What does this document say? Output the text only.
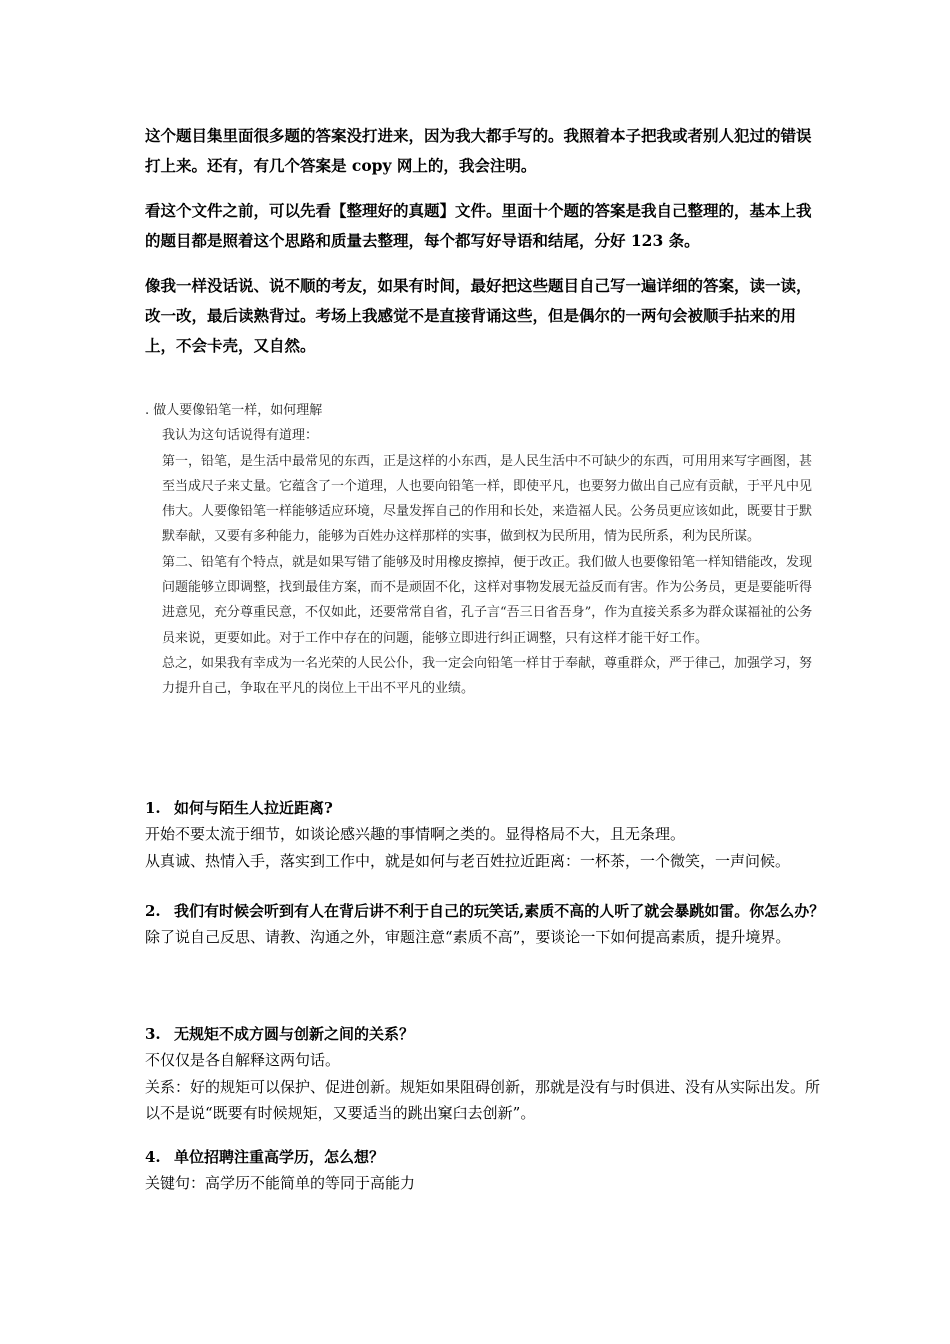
这个题目集里面很多题的答案没打进来，因为我大都手写的。我照着本子把我或者别人犯过的错误打上来。还有，有几个答案是 copy 网上的，我会注明。

看这个文件之前，可以先看【整理好的真题】文件。里面十个题的答案是我自己整理的，基本上我的题目都是照着这个思路和质量去整理，每个都写好导语和结尾，分好 123 条。

像我一样没话说、说不顺的考友，如果有时间，最好把这些题目自己写一遍详细的答案，读一读，改一改，最后读熟背过。考场上我感觉不是直接背诵这些，但是偶尔的一两句会被顺手拈来的用上，不会卡壳，又自然。

. 做人要像铅笔一样，如何理解

我认为这句话说得有道理：

第一，铅笔，是生活中最常见的东西，正是这样的小东西，是人民生活中不可缺少的东西，可用用来写字画图，甚至当成尺子来丈量。它蕴含了一个道理，人也要向铅笔一样，即使平凡，也要努力做出自己应有贡献，于平凡中见伟大。人要像铅笔一样能够适应环境，尽量发挥自己的作用和长处，来造福人民。公务员更应该如此，既要甘于默默奉献，又要有多种能力，能够为百姓办这样那样的实事，做到权为民所用，情为民所系，利为民所谋。

第二、铅笔有个特点，就是如果写错了能够及时用橡皮擦掉，便于改正。我们做人也要像铅笔一样知错能改，发现问题能够立即调整，找到最佳方案，而不是顽固不化，这样对事物发展无益反而有害。作为公务员，更是要能听得进意见，充分尊重民意，不仅如此，还要常常自省，孔子言“吾三日省吾身”，作为直接关系多为群众谋福祉的公务员来说，更要如此。对于工作中存在的问题，能够立即进行纠正调整，只有这样才能干好工作。

总之，如果我有幸成为一名光荣的人民公仆，我一定会向铅笔一样甘于奉献，尊重群众，严于律己，加强学习，努力提升自己，争取在平凡的岗位上干出不平凡的业绩。

1. 如何与陌生人拉近距离?

开始不要太流于细节，如谈论感兴趣的事情啊之类的。显得格局不大，且无条理。

从真诚、热情入手，落实到工作中，就是如何与老百姓拉近距离：一杯茶，一个微笑，一声问候。

2. 我们有时候会听到有人在背后讲不利于自己的玩笑话,素质不高的人听了就会暴跳如雷。你怎么办？

除了说自己反思、请教、沟通之外，审题注意“素质不高”，要谈论一下如何提高素质，提升境界。

3. 无规矩不成方圆与创新之间的关系？

不仅仅是各自解释这两句话。

关系：好的规矩可以保护、促进创新。规矩如果阻碍创新，那就是没有与时俱进、没有从实际出发。所以不是说“既要有时候规矩，又要适当的跳出窠臼去创新”。

4. 单位招聘注重高学历，怎么想？

关键句：高学历不能简单的等同于高能力
